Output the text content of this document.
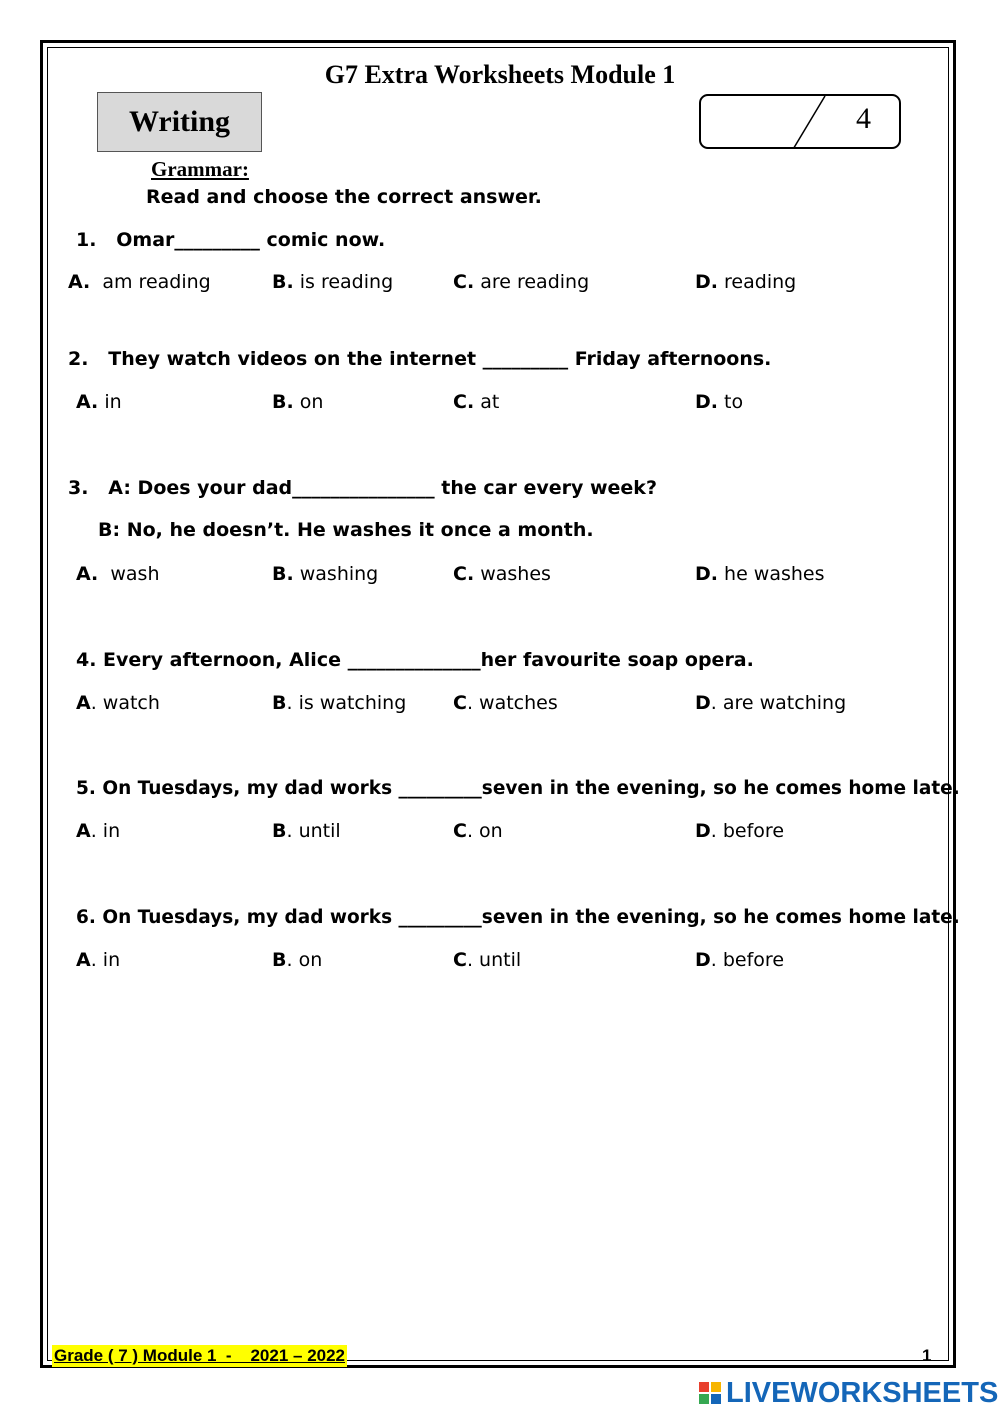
G7 Extra Worksheets Module 1
Writing	4
Grammar:
Read and choose the correct answer.
1.   Omar_________ comic now.
A.  am reading	B. is reading	C. are reading	D. reading
2.   They watch videos on the internet _________ Friday afternoons.
A. in	B. on	C. at	D. to
3.   A: Does your dad_______________ the car every week?
B: No, he doesn’t. He washes it once a month.
A.  wash	B. washing	C. washes	D. he washes
4. Every afternoon, Alice ______________her favourite soap opera.
A. watch	B. is watching C. watches	D. are watching
5. On Tuesdays, my dad works _________seven in the evening, so he comes home late.
A. in	B. until	C. on	D. before
6. On Tuesdays, my dad works _________seven in the evening, so he comes home late.
A. in	B. on	C. until	D. before
Grade ( 7 ) Module 1  -    2021 – 2022	1
LIVEWORKSHEETS
